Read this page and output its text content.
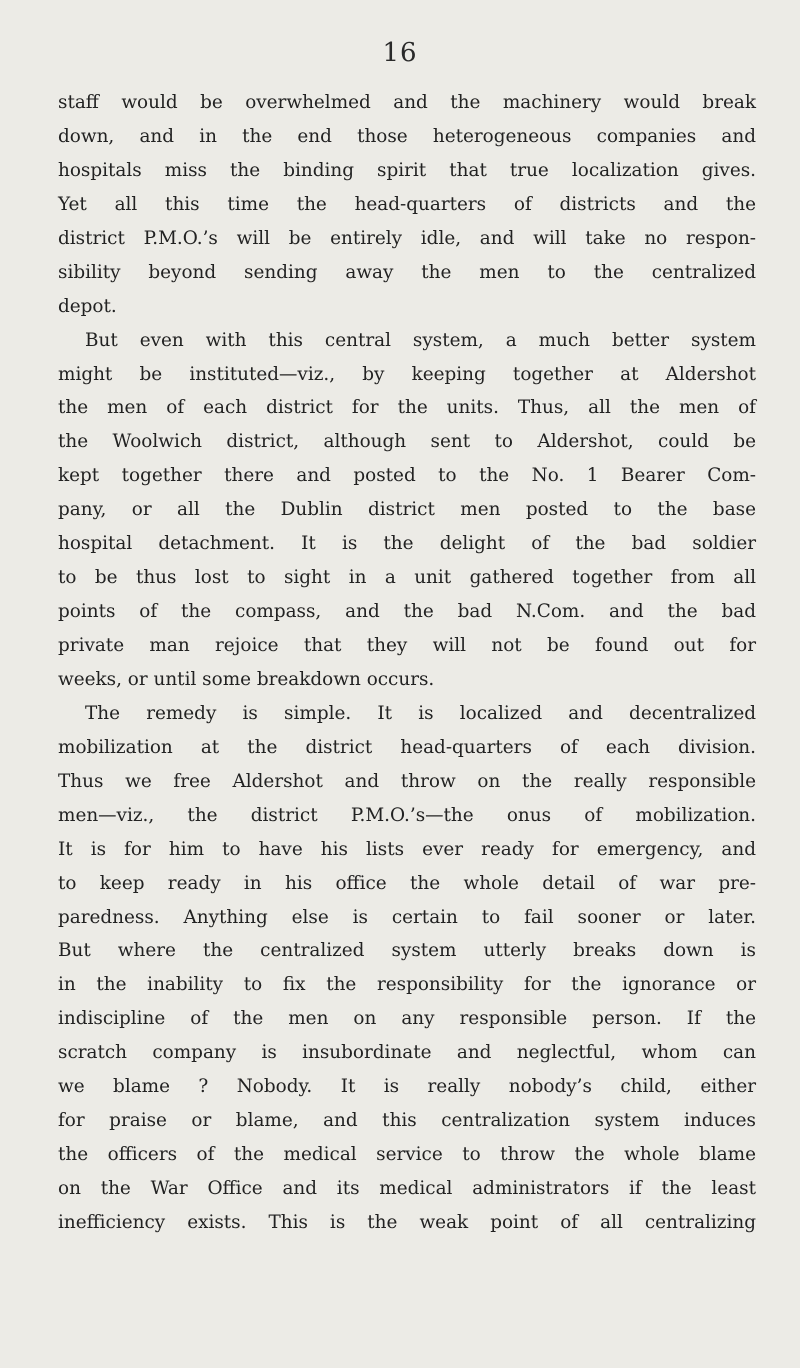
16
staff would be overwhelmed and the machinery would break
down, and in the end those heterogeneous companies and
hospitals miss the binding spirit that true localization gives.
Yet all this time the head-quarters of districts and the
district P.M.O.’s will be entirely idle, and will take no respon-
sibility beyond sending away the men to the centralized
depot.
But even with this central system, a much better system
might be instituted—viz., by keeping together at Aldershot
the men of each district for the units. Thus, all the men of
the Woolwich district, although sent to Aldershot, could be
kept together there and posted to the No. 1 Bearer Com-
pany, or all the Dublin district men posted to the base
hospital detachment. It is the delight of the bad soldier
to be thus lost to sight in a unit gathered together from all
points of the compass, and the bad N.Com. and the bad
private man rejoice that they will not be found out for
weeks, or until some breakdown occurs.
The remedy is simple. It is localized and decentralized
mobilization at the district head-quarters of each division.
Thus we free Aldershot and throw on the really responsible
men—viz., the district P.M.O.’s—the onus of mobilization.
It is for him to have his lists ever ready for emergency, and
to keep ready in his office the whole detail of war pre-
paredness. Anything else is certain to fail sooner or later.
But where the centralized system utterly breaks down is
in the inability to fix the responsibility for the ignorance or
indiscipline of the men on any responsible person. If the
scratch company is insubordinate and neglectful, whom can
we blame ? Nobody. It is really nobody’s child, either
for praise or blame, and this centralization system induces
the officers of the medical service to throw the whole blame
on the War Office and its medical administrators if the least
inefficiency exists. This is the weak point of all centralizing
